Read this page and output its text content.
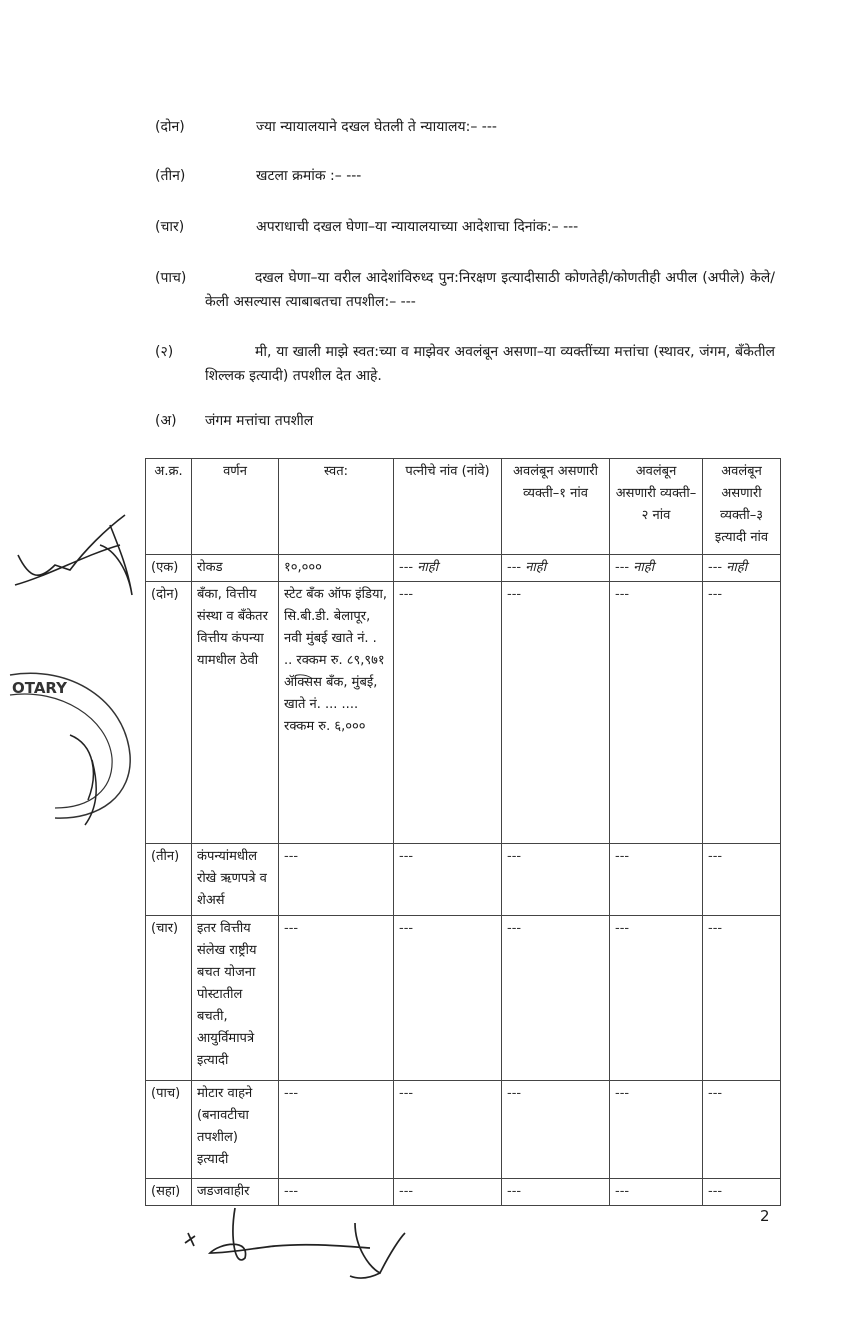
(दोन)	ज्या न्यायालयाने दखल घेतली ते न्यायालय:– ---
(तीन)	खटला क्रमांक :– ---
(चार)	अपराधाची दखल घेणा–या न्यायालयाच्या आदेशाचा दिनांक:– ---
(पाच)	दखल घेणा–या वरील आदेशांविरुध्द पुन:निरक्षण इत्यादीसाठी कोणतेही/कोणतीही अपील (अपीले) केले/केली असल्यास त्याबाबतचा तपशील:– ---
(२)	मी, या खाली माझे स्वत:च्या व माझेवर अवलंबून असणा–या व्यक्तींच्या मत्तांचा (स्थावर, जंगम, बँकेतील शिल्लक इत्यादी) तपशील देत आहे.
(अ) जंगम मत्तांचा तपशील
अ.क्र.	वर्णन	स्वत:	पत्नीचे नांव (नांवे)	अवलंबून असणारी व्यक्ती–१ नांव	अवलंबून असणारी व्यक्ती–२ नांव	अवलंबून असणारी व्यक्ती–३ इत्यादी नांव
(एक)	रोकड	१०,०००	--- नाही	--- नाही	--- नाही	--- नाही
(दोन)	बँका, वित्तीय संस्था व बँकेतर वित्तीय कंपन्या यामधील ठेवी	स्टेट बँक ऑफ इंडिया, सि.बी.डी. बेलापूर, नवी मुंबई खाते नं. . .. रक्कम रु. ८९,९७१ ॲक्सिस बँक, मुंबई, खाते नं. ... .... रक्कम रु. ६,०००	---	---	---	---
(तीन)	कंपन्यांमधील रोखे ऋणपत्रे व शेअर्स	---	---	---	---	---
(चार)	इतर वित्तीय संलेख राष्ट्रीय बचत योजना पोस्टातील बचती, आयुर्विमापत्रे इत्यादी	---	---	---	---	---
(पाच)	मोटार वाहने (बनावटीचा तपशील) इत्यादी	---	---	---	---	---
(सहा)	जडजवाहीर	---	---	---	---	---
OTARY
2
